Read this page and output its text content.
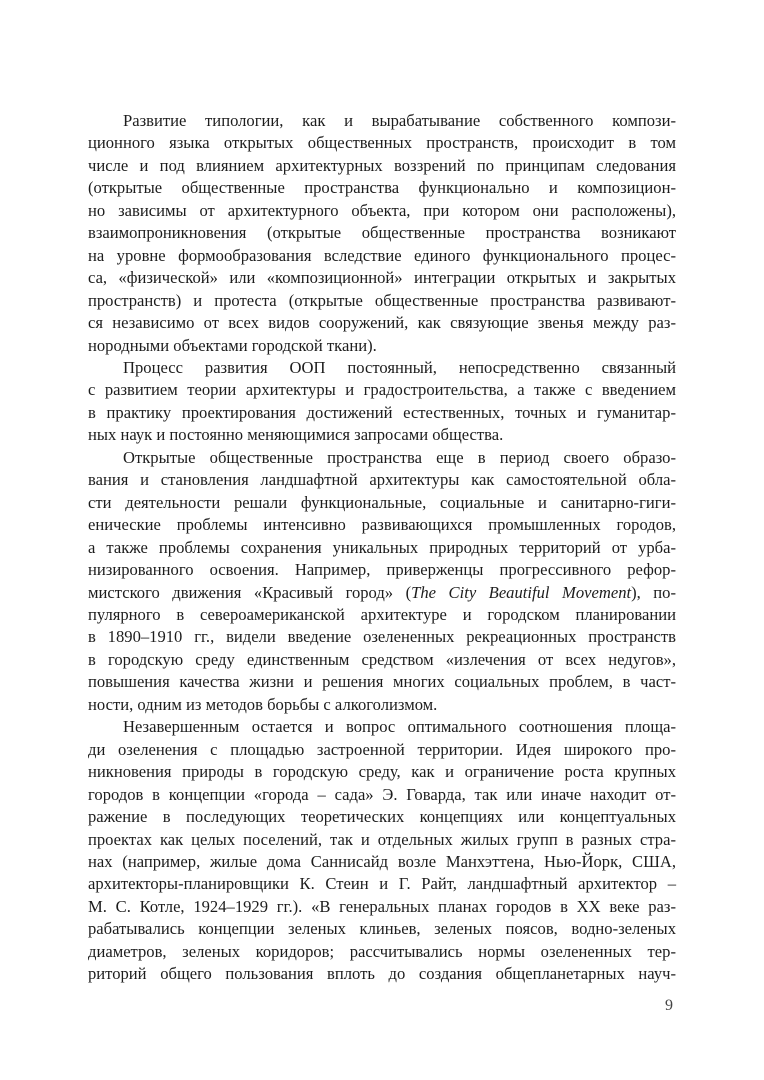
Развитие типологии, как и вырабатывание собственного компози-
ционного языка открытых общественных пространств, происходит в том
числе и под влиянием архитектурных воззрений по принципам следования
(открытые общественные пространства функционально и композицион-
но зависимы от архитектурного объекта, при котором они расположены),
взаимопроникновения (открытые общественные пространства возникают
на уровне формообразования вследствие единого функционального процес-
са, «физической» или «композиционной» интеграции открытых и закрытых
пространств) и протеста (открытые общественные пространства развивают-
ся независимо от всех видов сооружений, как связующие звенья между раз-
нородными объектами городской ткани).
Процесс развития ООП постоянный, непосредственно связанный
с развитием теории архитектуры и градостроительства, а также с введением
в практику проектирования достижений естественных, точных и гуманитар-
ных наук и постоянно меняющимися запросами общества.
Открытые общественные пространства еще в период своего образо-
вания и становления ландшафтной архитектуры как самостоятельной обла-
сти деятельности решали функциональные, социальные и санитарно-гиги-
енические проблемы интенсивно развивающихся промышленных городов,
а также проблемы сохранения уникальных природных территорий от урба-
низированного освоения. Например, приверженцы прогрессивного рефор-
мистского движения «Красивый город» (The City Beautiful Movement), по-
пулярного в североамериканской архитектуре и городском планировании
в 1890–1910 гг., видели введение озелененных рекреационных пространств
в городскую среду единственным средством «излечения от всех недугов»,
повышения качества жизни и решения многих социальных проблем, в част-
ности, одним из методов борьбы с алкоголизмом.
Незавершенным остается и вопрос оптимального соотношения площа-
ди озеленения с площадью застроенной территории. Идея широкого про-
никновения природы в городскую среду, как и ограничение роста крупных
городов в концепции «города – сада» Э. Говарда, так или иначе находит от-
ражение в последующих теоретических концепциях или концептуальных
проектах как целых поселений, так и отдельных жилых групп в разных стра-
нах (например, жилые дома Саннисайд возле Манхэттена, Нью-Йорк, США,
архитекторы-планировщики К. Стеин и Г. Райт, ландшафтный архитектор –
М. С. Котле, 1924–1929 гг.). «В генеральных планах городов в ХХ веке раз-
рабатывались концепции зеленых клиньев, зеленых поясов, водно-зеленых
диаметров, зеленых коридоров; рассчитывались нормы озелененных тер-
риторий общего пользования вплоть до создания общепланетарных науч-
9
